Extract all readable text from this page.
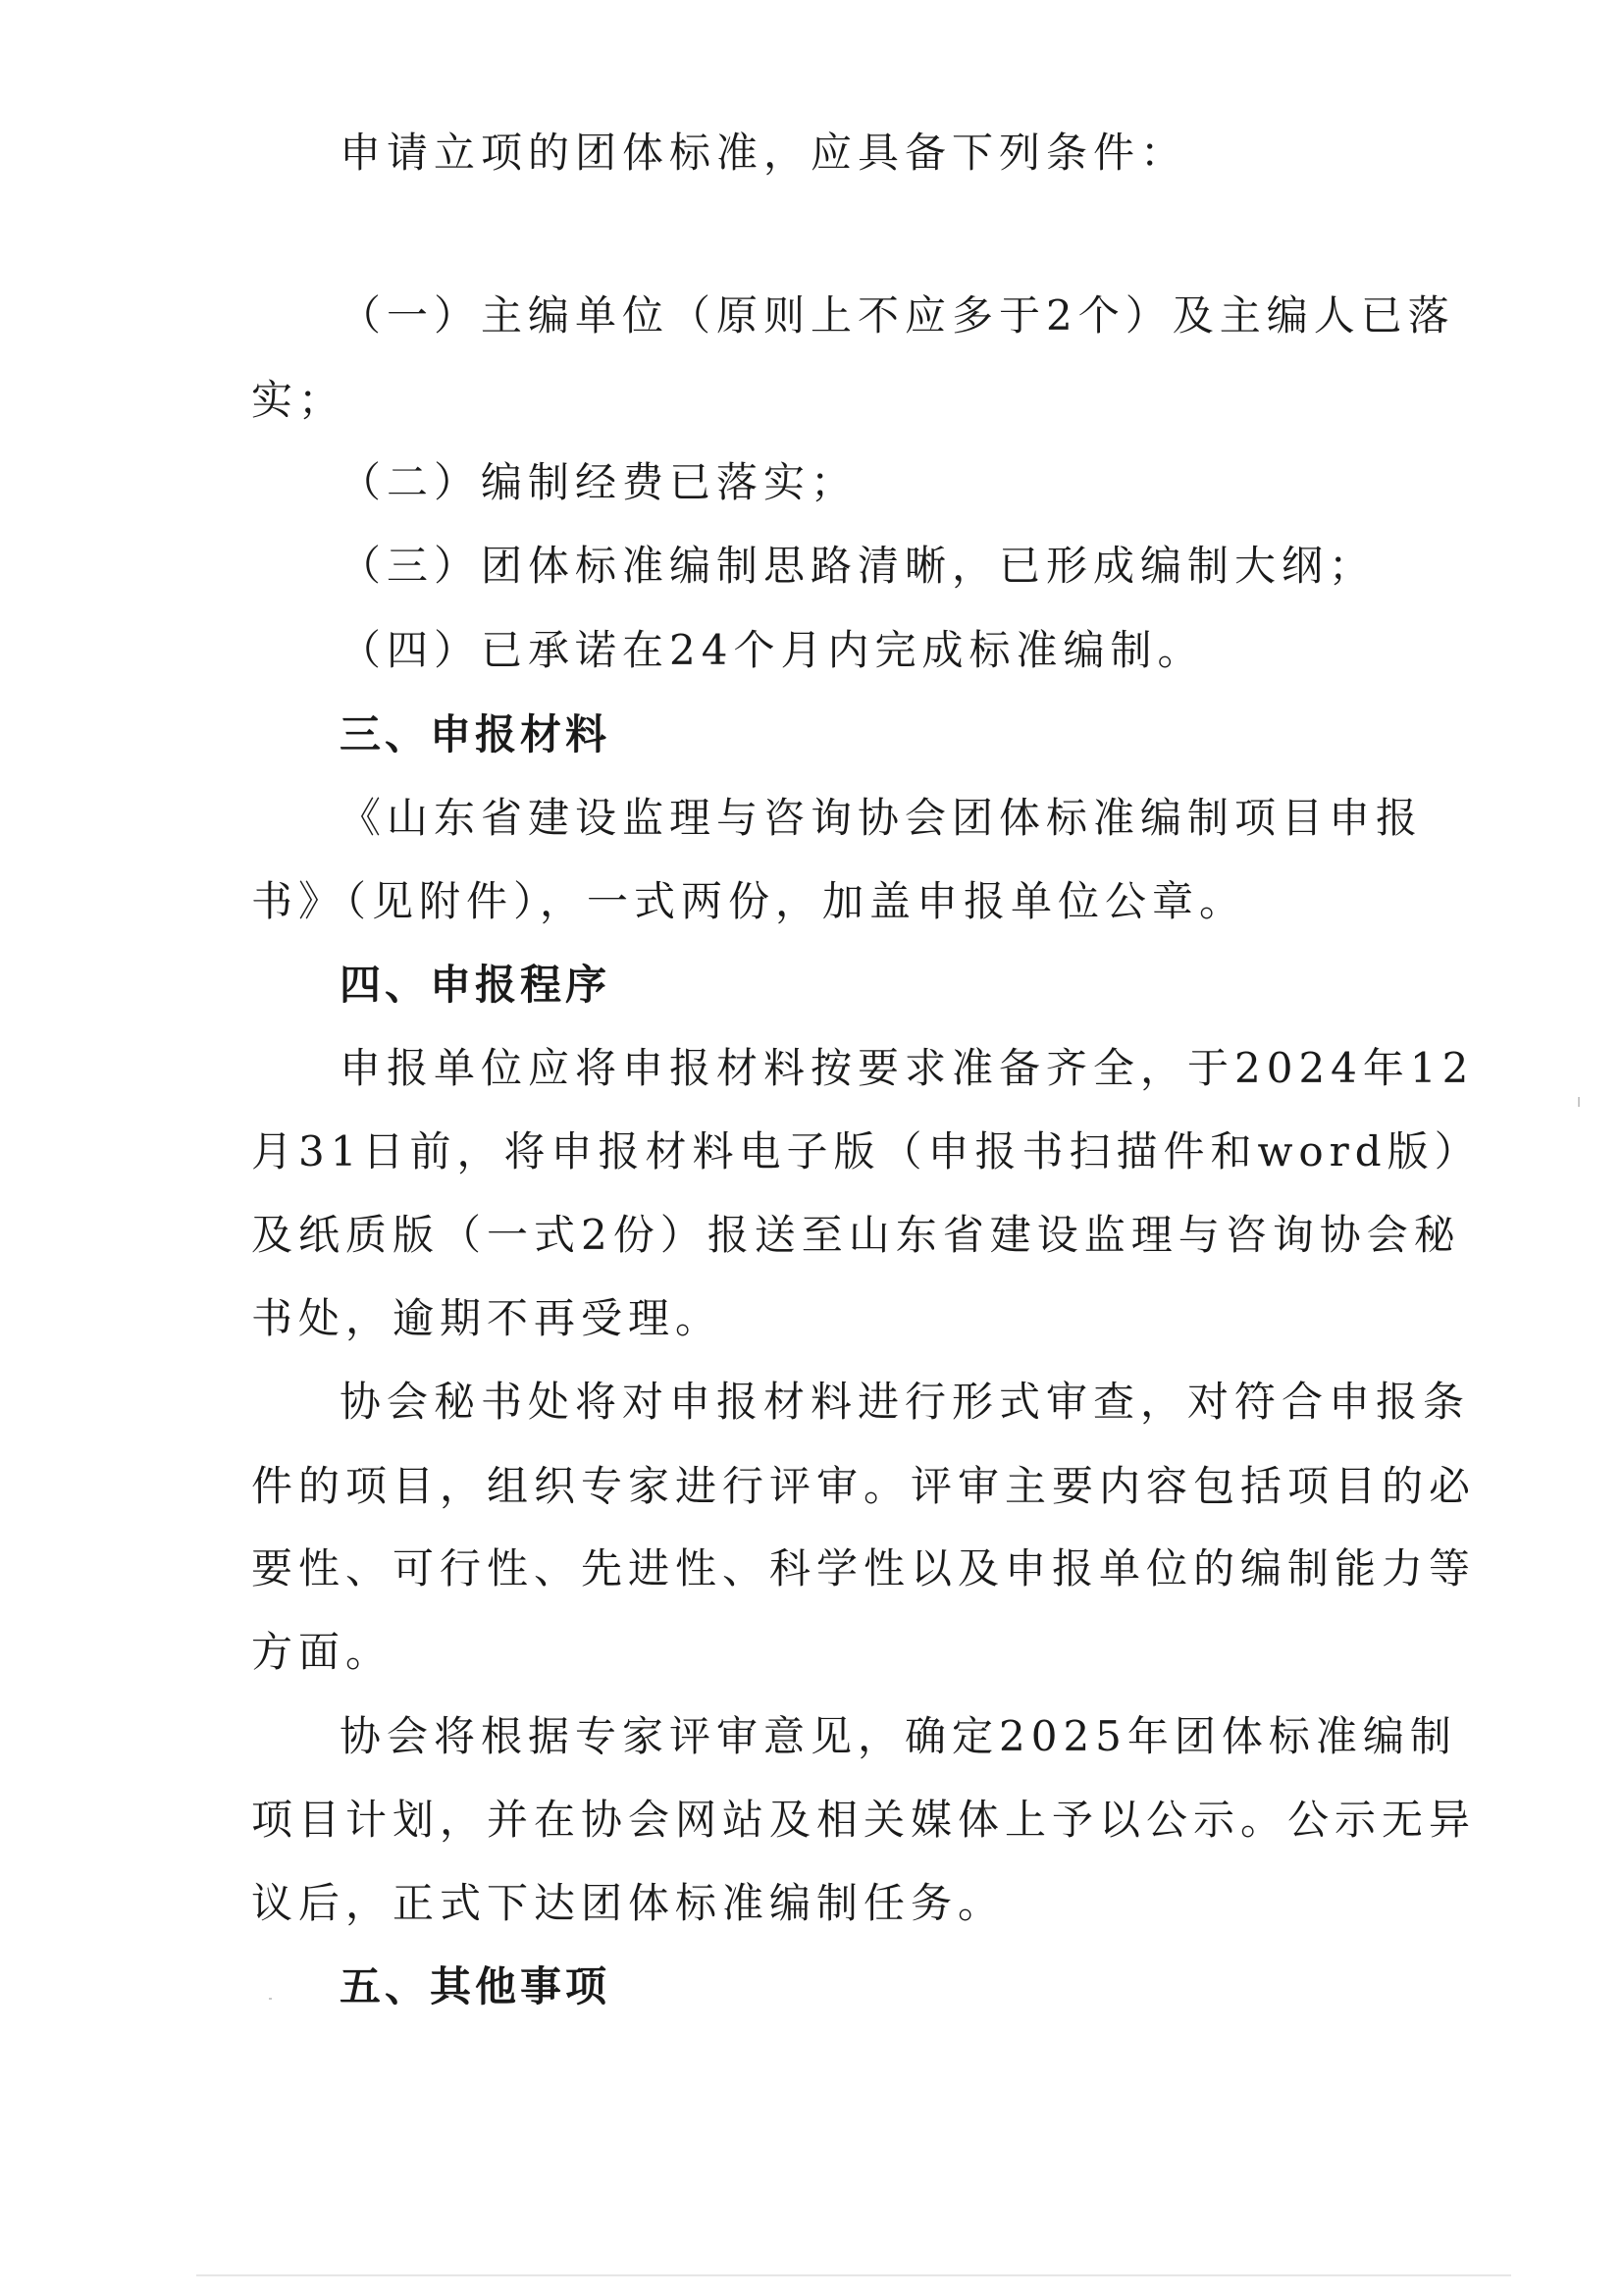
申请立项的团体标准，应具备下列条件：
（一）主编单位（原则上不应多于2个）及主编人已落
实；
（二）编制经费已落实；
（三）团体标准编制思路清晰，已形成编制大纲；
（四）已承诺在24个月内完成标准编制。
三、申报材料
《山东省建设监理与咨询协会团体标准编制项目申报
书》（见附件），一式两份，加盖申报单位公章。
四、申报程序
申报单位应将申报材料按要求准备齐全，于2024年12
月31日前，将申报材料电子版（申报书扫描件和word版）
及纸质版（一式2份）报送至山东省建设监理与咨询协会秘
书处，逾期不再受理。
协会秘书处将对申报材料进行形式审查，对符合申报条
件的项目，组织专家进行评审。评审主要内容包括项目的必
要性、可行性、先进性、科学性以及申报单位的编制能力等
方面。
协会将根据专家评审意见，确定2025年团体标准编制
项目计划，并在协会网站及相关媒体上予以公示。公示无异
议后，正式下达团体标准编制任务。
五、其他事项
